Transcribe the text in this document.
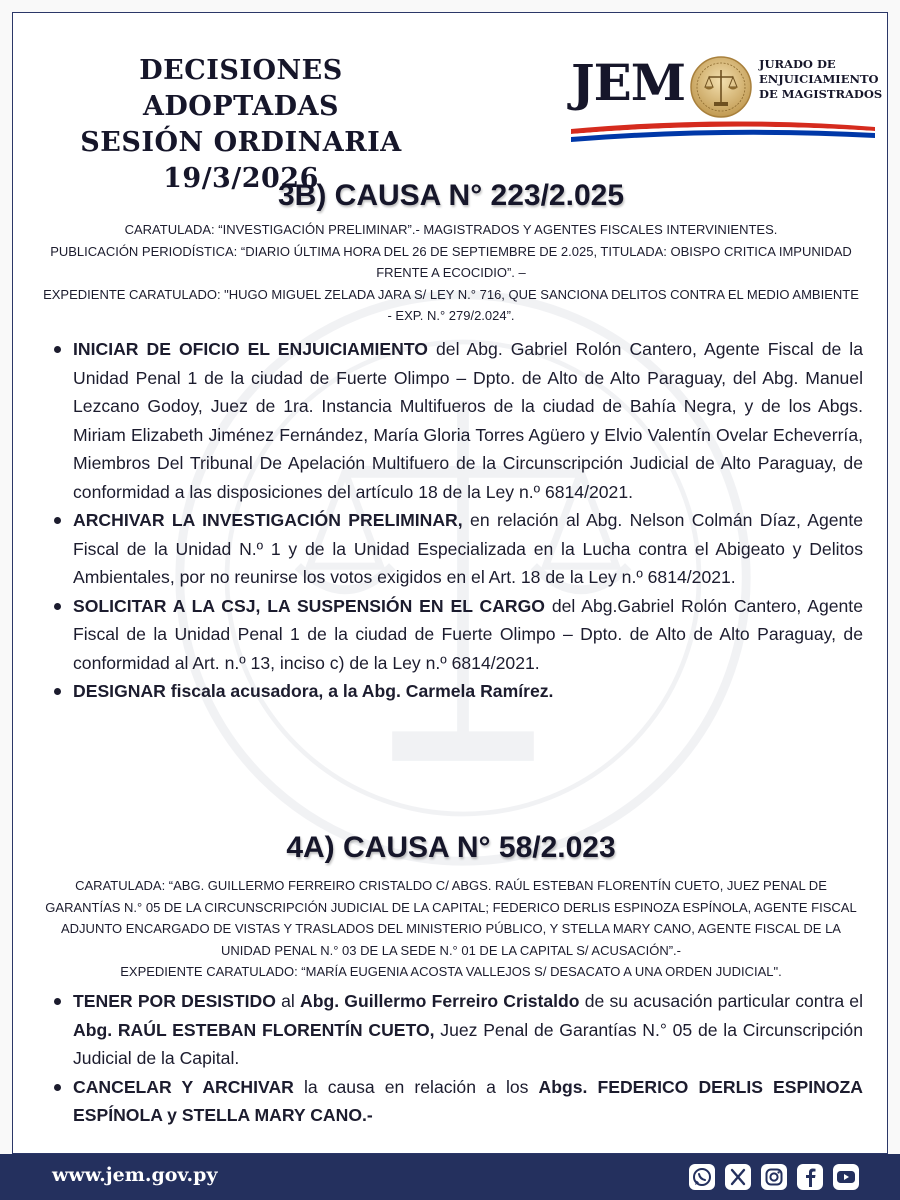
DECISIONES ADOPTADAS
SESIÓN ORDINARIA
19/3/2026
JEM	JURADO DE
ENJUICIAMIENTO
DE MAGISTRADOS
3B) CAUSA N° 223/2.025

CARATULADA: “INVESTIGACIÓN PRELIMINAR”.- MAGISTRADOS Y AGENTES FISCALES INTERVINIENTES.

PUBLICACIÓN PERIODÍSTICA: “DIARIO ÚLTIMA HORA DEL 26 DE SEPTIEMBRE DE 2.025, TITULADA: OBISPO CRITICA IMPUNIDAD FRENTE A ECOCIDIO”. –

EXPEDIENTE CARATULADO: "HUGO MIGUEL ZELADA JARA S/ LEY N.° 716, QUE SANCIONA DELITOS CONTRA EL MEDIO AMBIENTE - EXP. N.° 279/2.024”.

INICIAR DE OFICIO EL ENJUICIAMIENTO del Abg. Gabriel Rolón Cantero, Agente Fiscal de la Unidad Penal 1 de la ciudad de Fuerte Olimpo – Dpto. de Alto de Alto Paraguay, del Abg. Manuel Lezcano Godoy, Juez de 1ra. Instancia Multifueros de la ciudad de Bahía Negra, y de los Abgs. Miriam Elizabeth Jiménez Fernández, María Gloria Torres Agüero y Elvio Valentín Ovelar Echeverría, Miembros Del Tribunal De Apelación Multifuero de la Circunscripción Judicial de Alto Paraguay, de conformidad a las disposiciones del artículo 18 de la Ley n.º 6814/2021.
ARCHIVAR LA INVESTIGACIÓN PRELIMINAR, en relación al Abg. Nelson Colmán Díaz, Agente Fiscal de la Unidad N.º 1 y de la Unidad Especializada en la Lucha contra el Abigeato y Delitos Ambientales, por no reunirse los votos exigidos en el Art. 18 de la Ley n.º 6814/2021.
SOLICITAR A LA CSJ, LA SUSPENSIÓN EN EL CARGO del Abg.Gabriel Rolón Cantero, Agente Fiscal de la Unidad Penal 1 de la ciudad de Fuerte Olimpo – Dpto. de Alto de Alto Paraguay, de conformidad al Art. n.º 13, inciso c) de la Ley n.º 6814/2021.
DESIGNAR fiscala acusadora, a la Abg. Carmela Ramírez.
4A) CAUSA N° 58/2.023

CARATULADA: “ABG. GUILLERMO FERREIRO CRISTALDO C/ ABGS. RAÚL ESTEBAN FLORENTÍN CUETO, JUEZ PENAL DE GARANTÍAS N.° 05 DE LA CIRCUNSCRIPCIÓN JUDICIAL DE LA CAPITAL; FEDERICO DERLIS ESPINOZA ESPÍNOLA, AGENTE FISCAL ADJUNTO ENCARGADO DE VISTAS Y TRASLADOS DEL MINISTERIO PÚBLICO, Y STELLA MARY CANO, AGENTE FISCAL DE LA UNIDAD PENAL N.° 03 DE LA SEDE N.° 01 DE LA CAPITAL S/ ACUSACIÓN”.-

EXPEDIENTE CARATULADO: “MARÍA EUGENIA ACOSTA VALLEJOS S/ DESACATO A UNA ORDEN JUDICIAL".

TENER POR DESISTIDO al Abg. Guillermo Ferreiro Cristaldo de su acusación particular contra el Abg. RAÚL ESTEBAN FLORENTÍN CUETO, Juez Penal de Garantías N.° 05 de la Circunscripción Judicial de la Capital.
CANCELAR Y ARCHIVAR la causa en relación a los Abgs. FEDERICO DERLIS ESPINOZA ESPÍNOLA y STELLA MARY CANO.-
www.jem.gov.py
